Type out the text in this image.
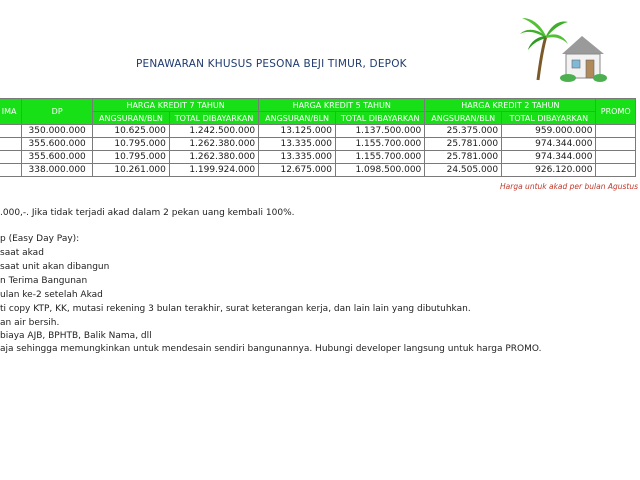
PENAWARAN KHUSUS PESONA BEJI TIMUR, DEPOK
IMA	DP	HARGA KREDIT 7 TAHUN		HARGA KREDIT 5 TAHUN		HARGA KREDIT 2 TAHUN		PROMO
		ANGSURAN/BLN	TOTAL DIBAYARKAN	ANGSURAN/BLN	TOTAL DIBAYARKAN	ANGSURAN/BLN	TOTAL DIBAYARKAN	
	350.000.000	10.625.000	1.242.500.000	13.125.000	1.137.500.000	25.375.000	959.000.000	
	355.600.000	10.795.000	1.262.380.000	13.335.000	1.155.700.000	25.781.000	974.344.000	
	355.600.000	10.795.000	1.262.380.000	13.335.000	1.155.700.000	25.781.000	974.344.000	
	338.000.000	10.261.000	1.199.924.000	12.675.000	1.098.500.000	24.505.000	926.120.000	
Harga untuk akad per bulan Agustus
.000,-. Jika tidak terjadi akad dalam 2 pekan uang kembali 100%.
p (Easy Day Pay):
saat akad
saat unit akan dibangun
n Terima Bangunan
ulan ke-2 setelah Akad
ti copy KTP, KK, mutasi rekening 3 bulan terakhir, surat keterangan kerja, dan lain lain yang dibutuhkan.
an air bersih.
biaya AJB, BPHTB, Balik Nama, dll
aja sehingga memungkinkan untuk mendesain sendiri bangunannya. Hubungi developer langsung untuk harga PROMO.
